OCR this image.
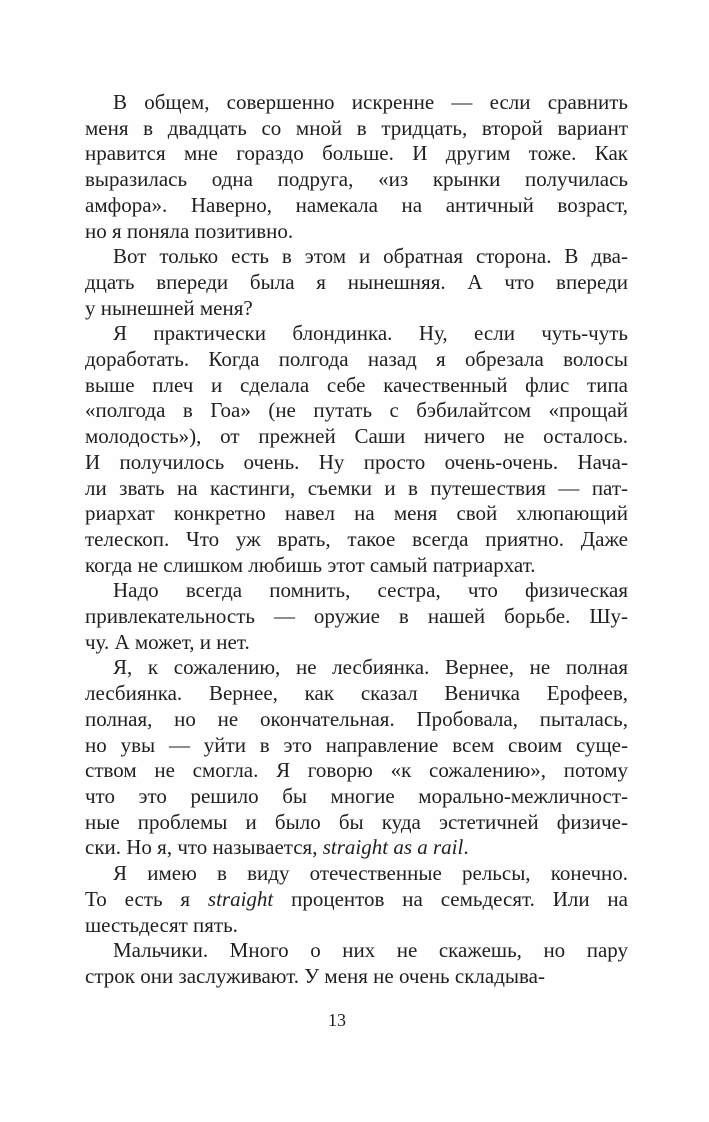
В общем, совершенно искренне — если сравнить
меня в двадцать со мной в тридцать, второй вариант
нравится мне гораздо больше. И другим тоже. Как
выразилась одна подруга, «из крынки получилась
амфора». Наверно, намекала на античный возраст,
но я поняла позитивно.

Вот только есть в этом и обратная сторона. В два-
дцать впереди была я нынешняя. А что впереди
у нынешней меня?

Я практически блондинка. Ну, если чуть-чуть
доработать. Когда полгода назад я обрезала волосы
выше плеч и сделала себе качественный флис типа
«полгода в Гоа» (не путать с бэбилайтсом «прощай
молодость»), от прежней Саши ничего не осталось.
И получилось очень. Ну просто очень-очень. Нача-
ли звать на кастинги, съемки и в путешествия — пат-
риархат конкретно навел на меня свой хлюпающий
телескоп. Что уж врать, такое всегда приятно. Даже
когда не слишком любишь этот самый патриархат.

Надо всегда помнить, сестра, что физическая
привлекательность — оружие в нашей борьбе. Шу-
чу. А может, и нет.

Я, к сожалению, не лесбиянка. Вернее, не полная
лесбиянка. Вернее, как сказал Веничка Ерофеев,
полная, но не окончательная. Пробовала, пыталась,
но увы — уйти в это направление всем своим суще-
ством не смогла. Я говорю «к сожалению», потому
что это решило бы многие морально-межличност-
ные проблемы и было бы куда эстетичней физиче-
ски. Но я, что называется, straight as a rail.

Я имею в виду отечественные рельсы, конечно.
То есть я straight процентов на семьдесят. Или на
шестьдесят пять.

Мальчики. Много о них не скажешь, но пару
строк они заслуживают. У меня не очень складыва-

13
